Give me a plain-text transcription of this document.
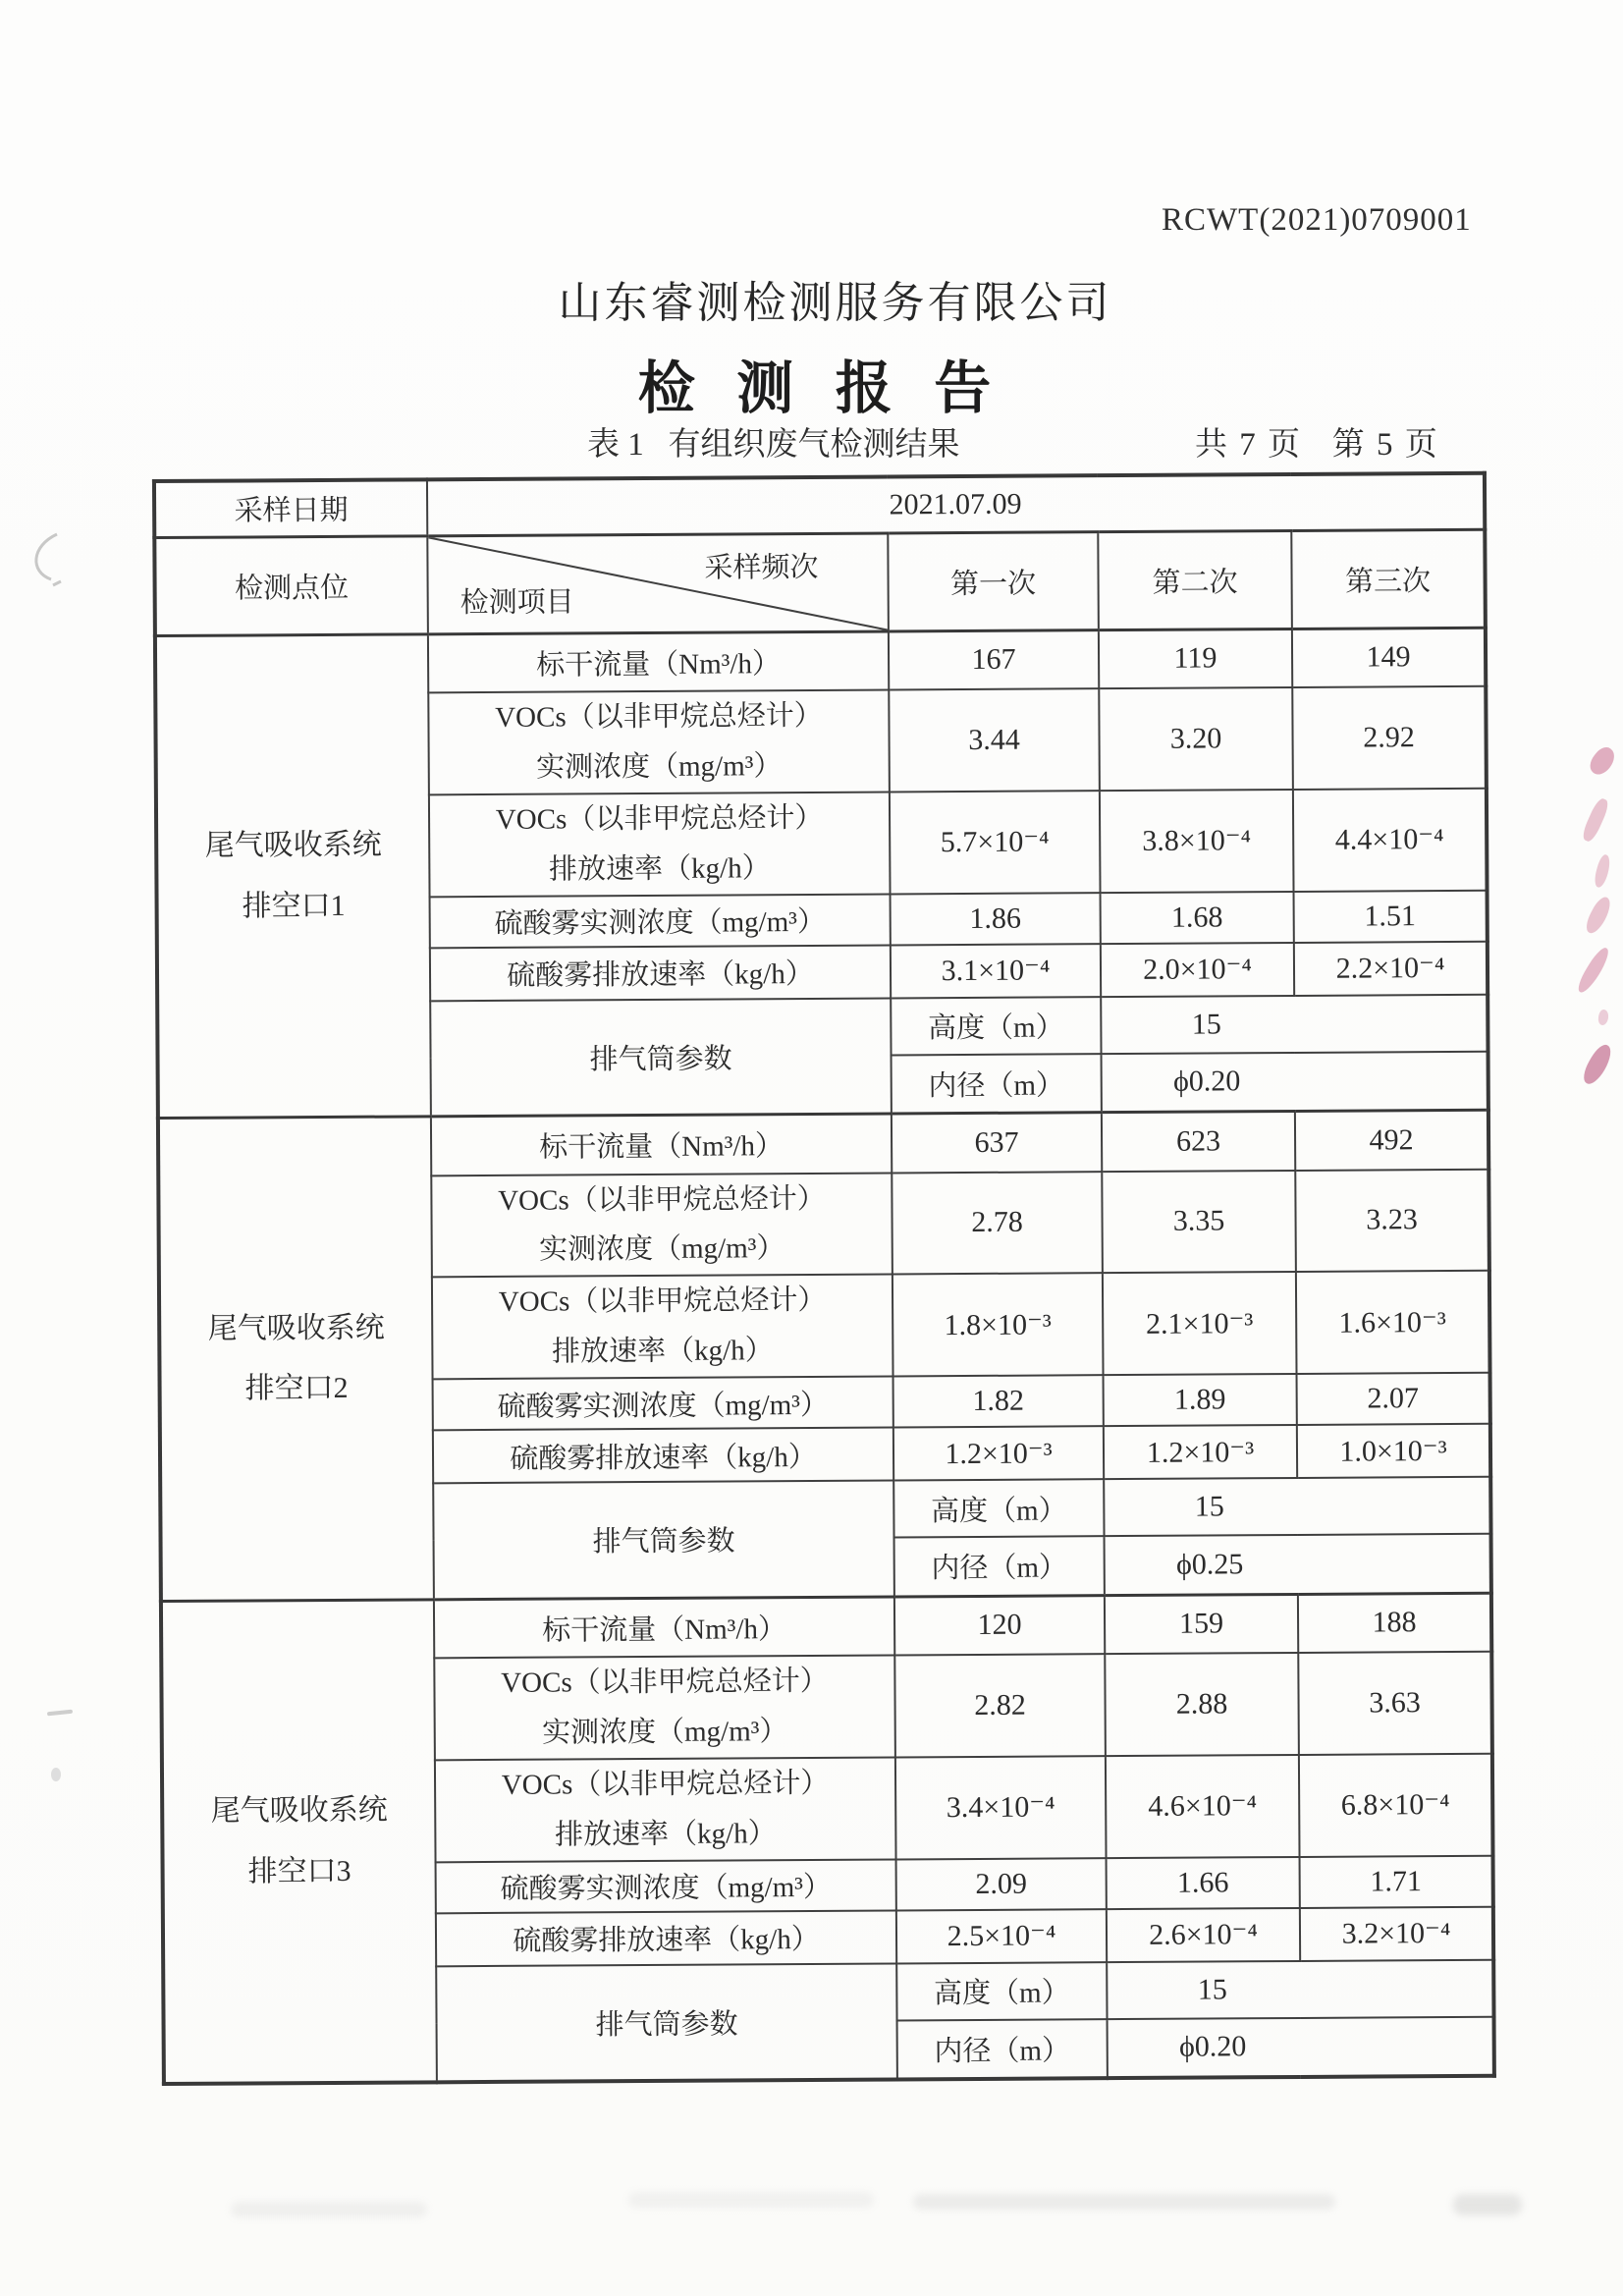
RCWT(2021)0709001
山东睿测检测服务有限公司
检 测 报 告
表 1   有组织废气检测结果	共 7 页   第 5 页
采样日期	2021.07.09			
检测点位	采样频次
检测项目	第一次	第二次	第三次
尾气吸收系统
排空口1	标干流量（Nm³/h）	167	119	149
	VOCs（以非甲烷总烃计）
实测浓度（mg/m³）	3.44	3.20	2.92
	VOCs（以非甲烷总烃计）
排放速率（kg/h）	5.7×10⁻⁴	3.8×10⁻⁴	4.4×10⁻⁴
	硫酸雾实测浓度（mg/m³）	1.86	1.68	1.51
	硫酸雾排放速率（kg/h）	3.1×10⁻⁴	2.0×10⁻⁴	2.2×10⁻⁴
	排气筒参数	高度（m）	15	
		内径（m）	ϕ0.20	
尾气吸收系统
排空口2	标干流量（Nm³/h）	637	623	492
	VOCs（以非甲烷总烃计）
实测浓度（mg/m³）	2.78	3.35	3.23
	VOCs（以非甲烷总烃计）
排放速率（kg/h）	1.8×10⁻³	2.1×10⁻³	1.6×10⁻³
	硫酸雾实测浓度（mg/m³）	1.82	1.89	2.07
	硫酸雾排放速率（kg/h）	1.2×10⁻³	1.2×10⁻³	1.0×10⁻³
	排气筒参数	高度（m）	15	
		内径（m）	ϕ0.25	
尾气吸收系统
排空口3	标干流量（Nm³/h）	120	159	188
	VOCs（以非甲烷总烃计）
实测浓度（mg/m³）	2.82	2.88	3.63
	VOCs（以非甲烷总烃计）
排放速率（kg/h）	3.4×10⁻⁴	4.6×10⁻⁴	6.8×10⁻⁴
	硫酸雾实测浓度（mg/m³）	2.09	1.66	1.71
	硫酸雾排放速率（kg/h）	2.5×10⁻⁴	2.6×10⁻⁴	3.2×10⁻⁴
	排气筒参数	高度（m）	15	
		内径（m）	ϕ0.20	
